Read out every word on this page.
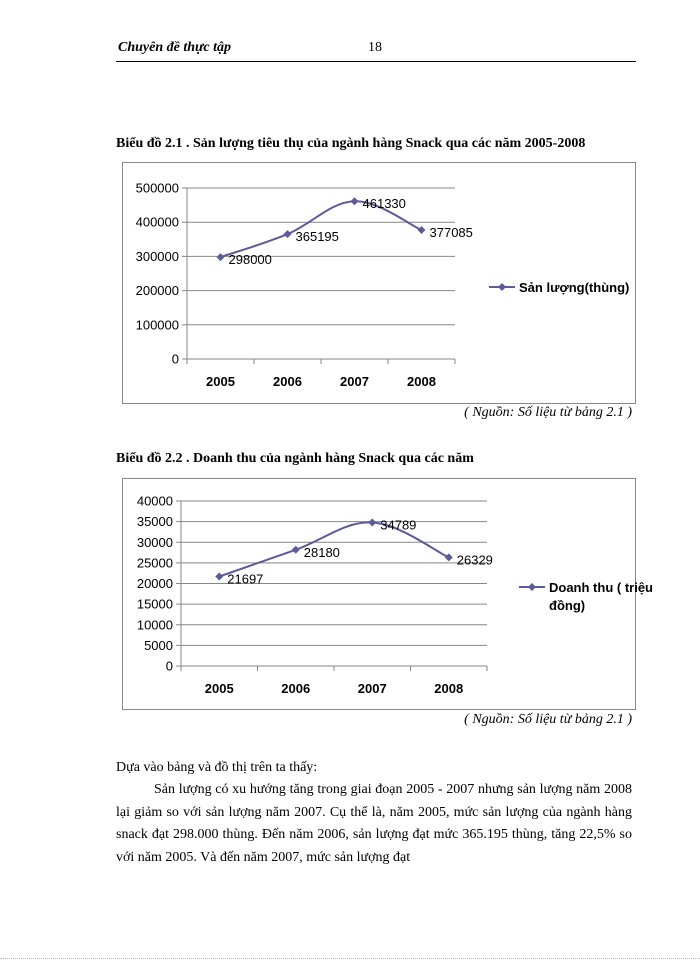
Chuyên đề thực tập	18
Biểu đồ 2.1 . Sản lượng tiêu thụ của ngành hàng Snack qua các năm 2005-2008
0
100000
200000
300000
400000
500000
2005	2006	2007	2008
298000
365195
461330
377085
Sản lượng(thùng)
( Nguồn: Số liệu từ bảng 2.1 )
Biểu đồ 2.2 . Doanh thu của ngành hàng Snack qua các năm
0
5000
10000
15000
20000
25000
30000
35000
40000
2005	2006	2007	2008
21697
28180
34789
26329
Doanh thu ( triệu
đồng)
( Nguồn: Số liệu từ bảng 2.1 )
Dựa vào bảng và đồ thị trên ta thấy:
Sản lượng có xu hướng tăng trong giai đoạn 2005 - 2007 nhưng sản lượng năm 2008 lại giảm so với sản lượng năm 2007. Cụ thể là, năm 2005, mức sản lượng của ngành hàng snack đạt 298.000 thùng. Đến năm 2006, sản lượng đạt mức 365.195 thùng, tăng 22,5% so với năm 2005. Và đến năm 2007, mức sản lượng đạt
